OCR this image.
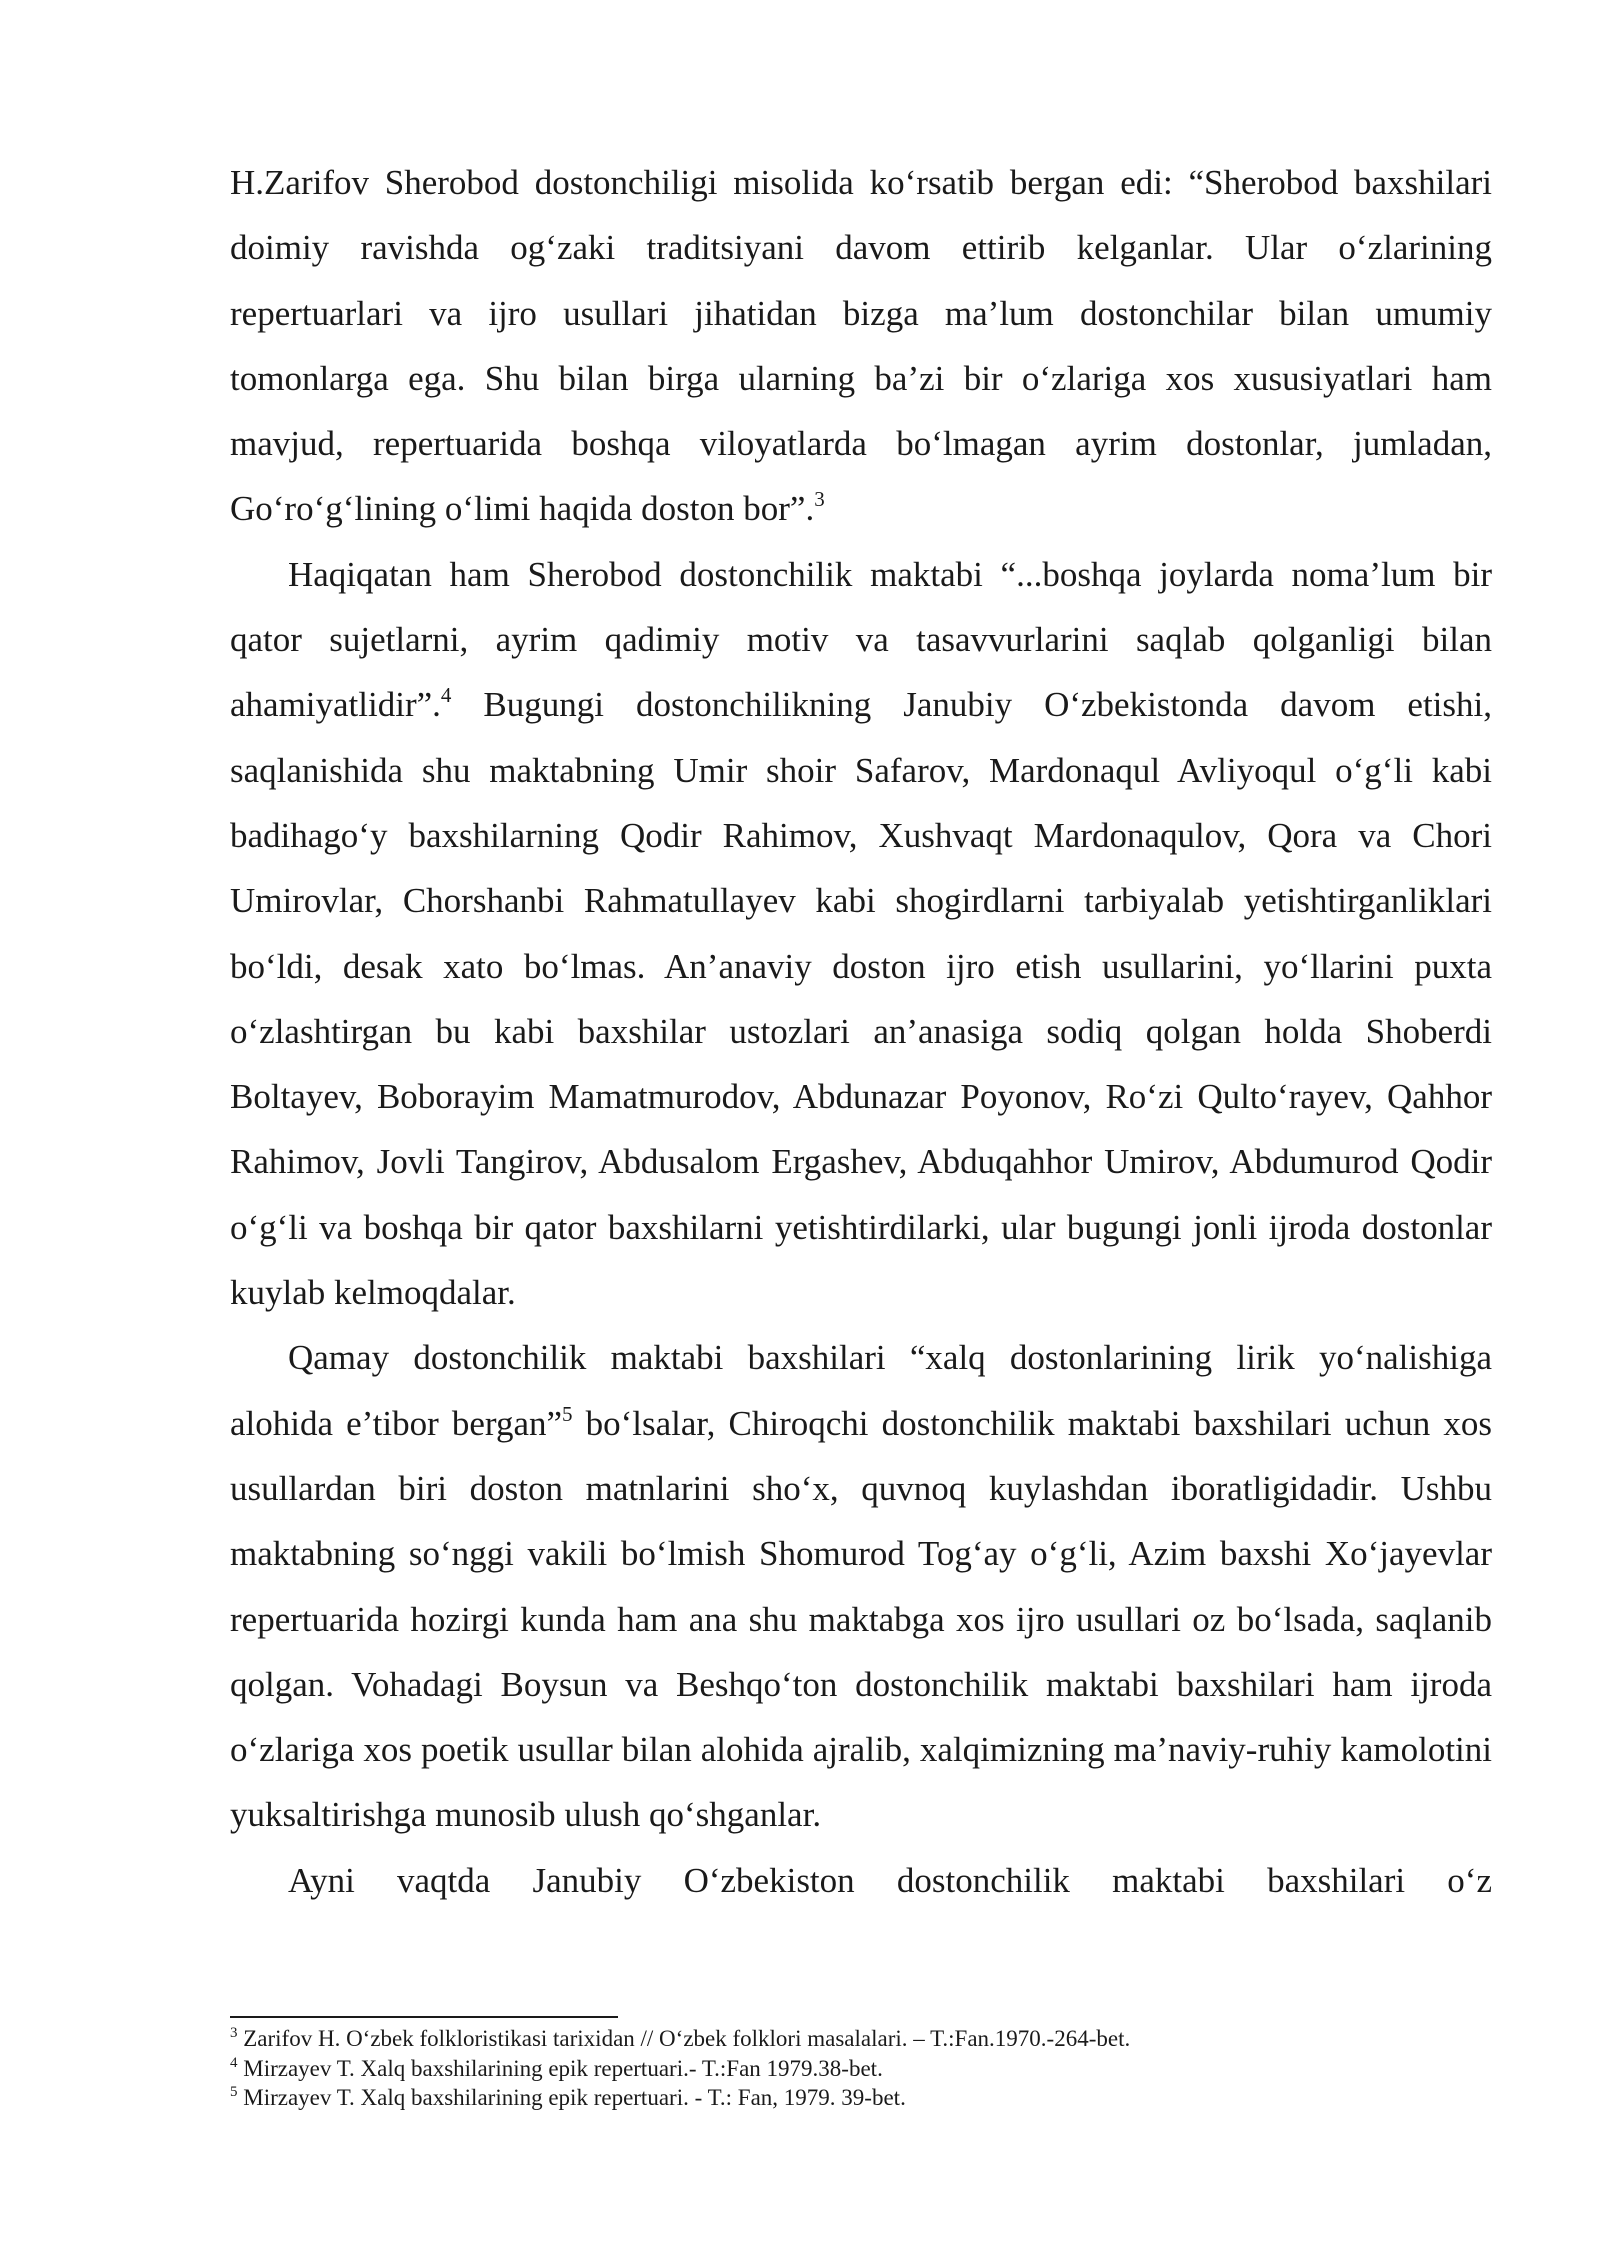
H.Zarifov Sherobod dostonchiligi misolida ko‘rsatib bergan edi: “Sherobod baxshilari doimiy ravishda og‘zaki traditsiyani davom ettirib kelganlar. Ular o‘zlarining repertuarlari va ijro usullari jihatidan bizga ma’lum dostonchilar bilan umumiy tomonlarga ega. Shu bilan birga ularning ba’zi bir o‘zlariga xos xususiyatlari ham mavjud, repertuarida boshqa viloyatlarda bo‘lmagan ayrim dostonlar, jumladan, Go‘ro‘g‘lining o‘limi haqida doston bor”.$^3$

Haqiqatan ham Sherobod dostonchilik maktabi “...boshqa joylarda noma’lum bir qator sujetlarni, ayrim qadimiy motiv va tasavvurlarini saqlab qolganligi bilan ahamiyatlidir”.$^4$ Bugungi dostonchilikning Janubiy O‘zbekistonda davom etishi, saqlanishida shu maktabning Umir shoir Safarov, Mardonaqul Avliyoqul o‘g‘li kabi badihago‘y baxshilarning Qodir Rahimov, Xushvaqt Mardonaqulov, Qora va Chori Umirovlar, Chorshanbi Rahmatullayev kabi shogirdlarni tarbiyalab yetishtirganliklari bo‘ldi, desak xato bo‘lmas. An’anaviy doston ijro etish usullarini, yo‘llarini puxta o‘zlashtirgan bu kabi baxshilar ustozlari an’anasiga sodiq qolgan holda Shoberdi Boltayev, Boborayim Mamatmurodov, Abdunazar Poyonov, Ro‘zi Qulto‘rayev, Qahhor Rahimov, Jovli Tangirov, Abdusalom Ergashev, Abduqahhor Umirov, Abdumurod Qodir o‘g‘li va boshqa bir qator baxshilarni yetishtirdilarki, ular bugungi jonli ijroda dostonlar kuylab kelmoqdalar.

Qamay dostonchilik maktabi baxshilari “xalq dostonlarining lirik yo‘nalishiga alohida e’tibor bergan”$^5$ bo‘lsalar, Chiroqchi dostonchilik maktabi baxshilari uchun xos usullardan biri doston matnlarini sho‘x, quvnoq kuylashdan iboratligidadir. Ushbu maktabning so‘nggi vakili bo‘lmish Shomurod Tog‘ay o‘g‘li, Azim baxshi Xo‘jayevlar repertuarida hozirgi kunda ham ana shu maktabga xos ijro usullari oz bo‘lsada, saqlanib qolgan. Vohadagi Boysun va Beshqo‘ton dostonchilik maktabi baxshilari ham ijroda o‘zlariga xos poetik usullar bilan alohida ajralib, xalqimizning ma’naviy-ruhiy kamolotini yuksaltirishga munosib ulush qo‘shganlar.

Ayni vaqtda Janubiy O‘zbekiston dostonchilik maktabi baxshilari o‘z

$^3$ Zarifov H. O‘zbek folkloristikasi tarixidan // O‘zbek folklori masalalari. – T.:Fan.1970.-264-bet.

$^4$ Mirzayev T. Xalq baxshilarining epik repertuari.- T.:Fan 1979.38-bet.

$^5$ Mirzayev T. Xalq baxshilarining epik repertuari. - T.: Fan, 1979. 39-bet.
